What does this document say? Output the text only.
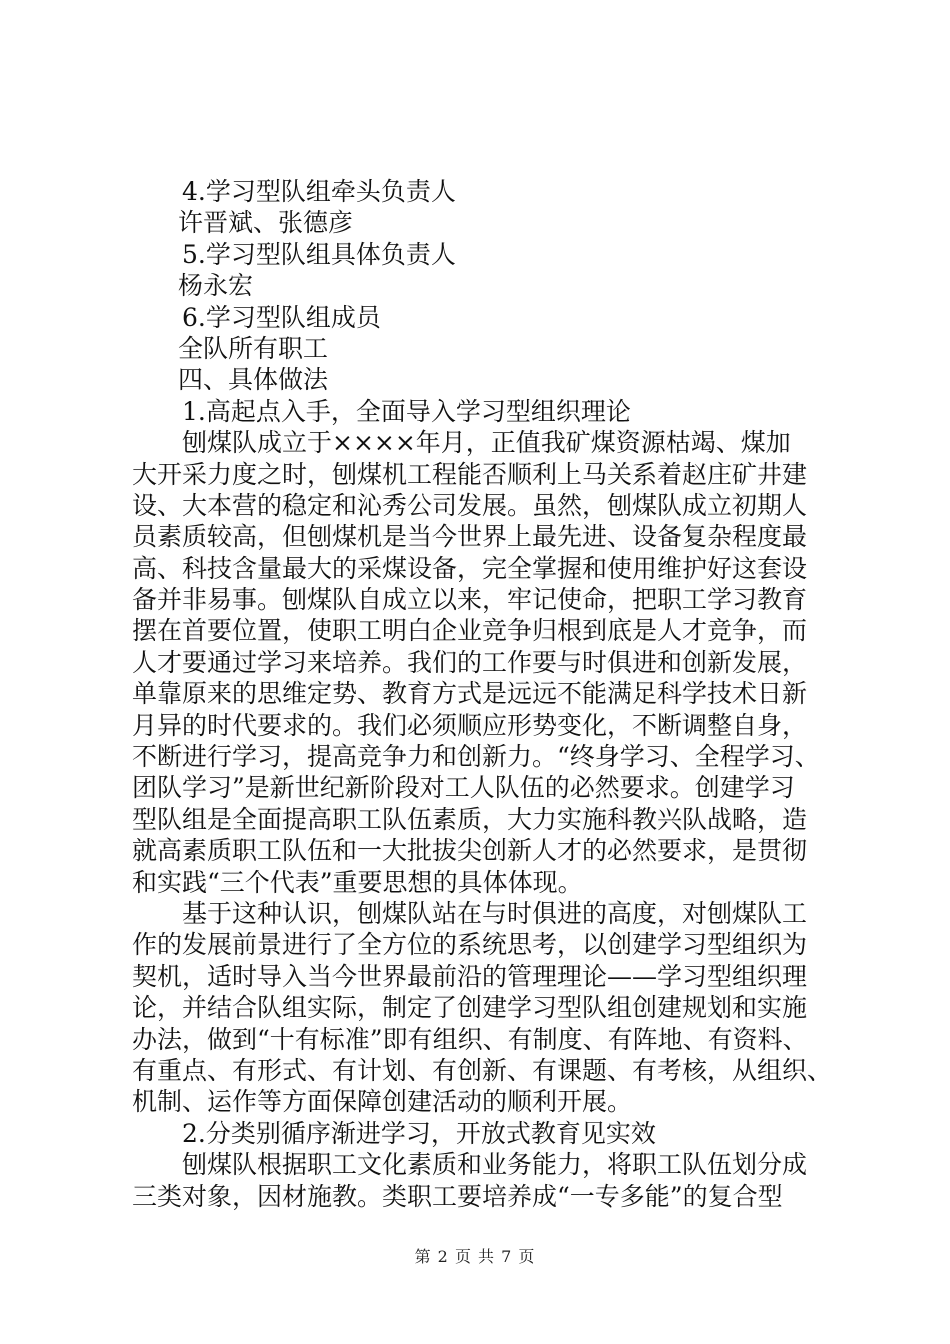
4.学习型队组牵头负责人
许晋斌、张德彦
5.学习型队组具体负责人
杨永宏
6.学习型队组成员
全队所有职工
四、具体做法
1.高起点入手，全面导入学习型组织理论
刨煤队成立于××××年月，正值我矿煤资源枯竭、煤加
大开采力度之时，刨煤机工程能否顺利上马关系着赵庄矿井建
设、大本营的稳定和沁秀公司发展。虽然，刨煤队成立初期人
员素质较高，但刨煤机是当今世界上最先进、设备复杂程度最
高、科技含量最大的采煤设备，完全掌握和使用维护好这套设
备并非易事。刨煤队自成立以来，牢记使命，把职工学习教育
摆在首要位置，使职工明白企业竞争归根到底是人才竞争，而
人才要通过学习来培养。我们的工作要与时俱进和创新发展，
单靠原来的思维定势、教育方式是远远不能满足科学技术日新
月异的时代要求的。我们必须顺应形势变化，不断调整自身，
不断进行学习，提高竞争力和创新力。“终身学习、全程学习、
团队学习”是新世纪新阶段对工人队伍的必然要求。创建学习
型队组是全面提高职工队伍素质，大力实施科教兴队战略，造
就高素质职工队伍和一大批拔尖创新人才的必然要求，是贯彻
和实践“三个代表”重要思想的具体体现。
基于这种认识，刨煤队站在与时俱进的高度，对刨煤队工
作的发展前景进行了全方位的系统思考，以创建学习型组织为
契机，适时导入当今世界最前沿的管理理论——学习型组织理
论，并结合队组实际，制定了创建学习型队组创建规划和实施
办法，做到“十有标准”即有组织、有制度、有阵地、有资料、
有重点、有形式、有计划、有创新、有课题、有考核，从组织、
机制、运作等方面保障创建活动的顺利开展。
2.分类别循序渐进学习，开放式教育见实效
刨煤队根据职工文化素质和业务能力，将职工队伍划分成
三类对象，因材施教。类职工要培养成“一专多能”的复合型
第 2 页 共 7 页
